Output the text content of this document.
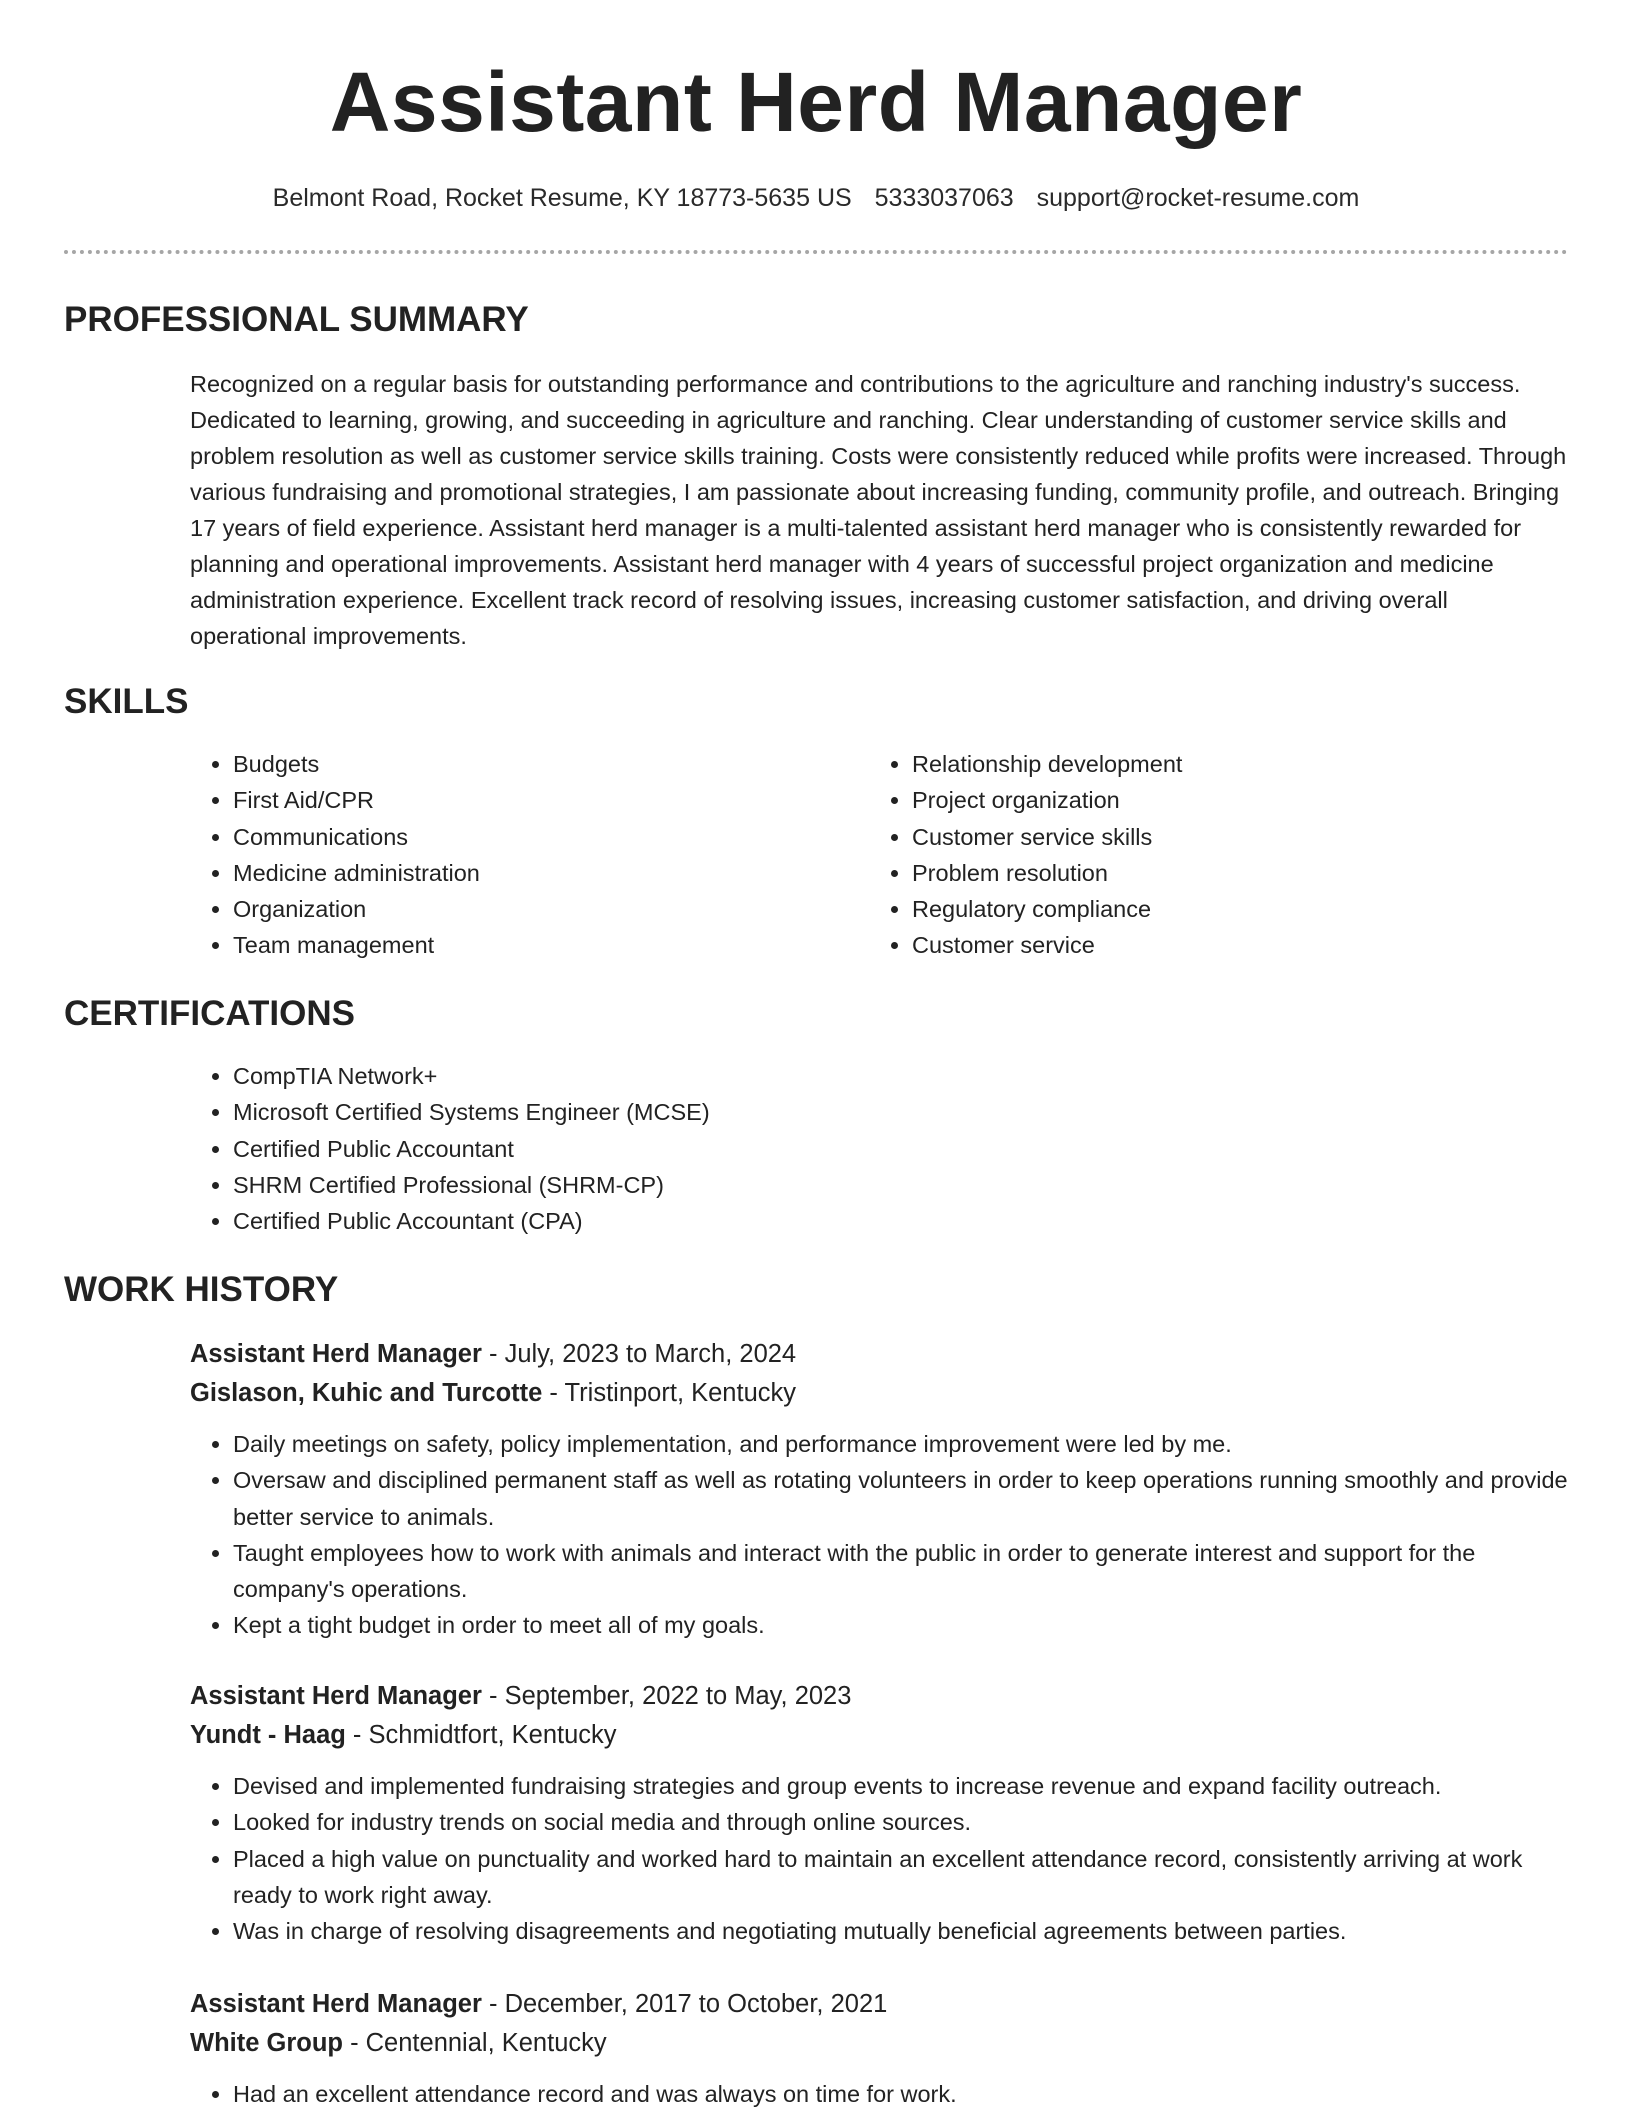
Assistant Herd Manager
Belmont Road, Rocket Resume, KY 18773-5635 US 5333037063 support@rocket-resume.com
PROFESSIONAL SUMMARY

Recognized on a regular basis for outstanding performance and contributions to the agriculture and ranching industry's success. Dedicated to learning, growing, and succeeding in agriculture and ranching. Clear understanding of customer service skills and problem resolution as well as customer service skills training. Costs were consistently reduced while profits were increased. Through various fundraising and promotional strategies, I am passionate about increasing funding, community profile, and outreach. Bringing 17 years of field experience. Assistant herd manager is a multi-talented assistant herd manager who is consistently rewarded for planning and operational improvements. Assistant herd manager with 4 years of successful project organization and medicine administration experience. Excellent track record of resolving issues, increasing customer satisfaction, and driving overall operational improvements.

SKILLS
• Budgets
• First Aid/CPR
• Communications
• Medicine administration
• Organization
• Team management
• Relationship development
• Project organization
• Customer service skills
• Problem resolution
• Regulatory compliance
• Customer service
CERTIFICATIONS
• CompTIA Network+
• Microsoft Certified Systems Engineer (MCSE)
• Certified Public Accountant
• SHRM Certified Professional (SHRM-CP)
• Certified Public Accountant (CPA)
WORK HISTORY
Assistant Herd Manager - July, 2023 to March, 2024
Gislason, Kuhic and Turcotte - Tristinport, Kentucky
• Daily meetings on safety, policy implementation, and performance improvement were led by me.
• Oversaw and disciplined permanent staff as well as rotating volunteers in order to keep operations running smoothly and provide better service to animals.
• Taught employees how to work with animals and interact with the public in order to generate interest and support for the company's operations.
• Kept a tight budget in order to meet all of my goals.
Assistant Herd Manager - September, 2022 to May, 2023
Yundt - Haag - Schmidtfort, Kentucky
• Devised and implemented fundraising strategies and group events to increase revenue and expand facility outreach.
• Looked for industry trends on social media and through online sources.
• Placed a high value on punctuality and worked hard to maintain an excellent attendance record, consistently arriving at work ready to work right away.
• Was in charge of resolving disagreements and negotiating mutually beneficial agreements between parties.
Assistant Herd Manager - December, 2017 to October, 2021
White Group - Centennial, Kentucky
• Had an excellent attendance record and was always on time for work.
